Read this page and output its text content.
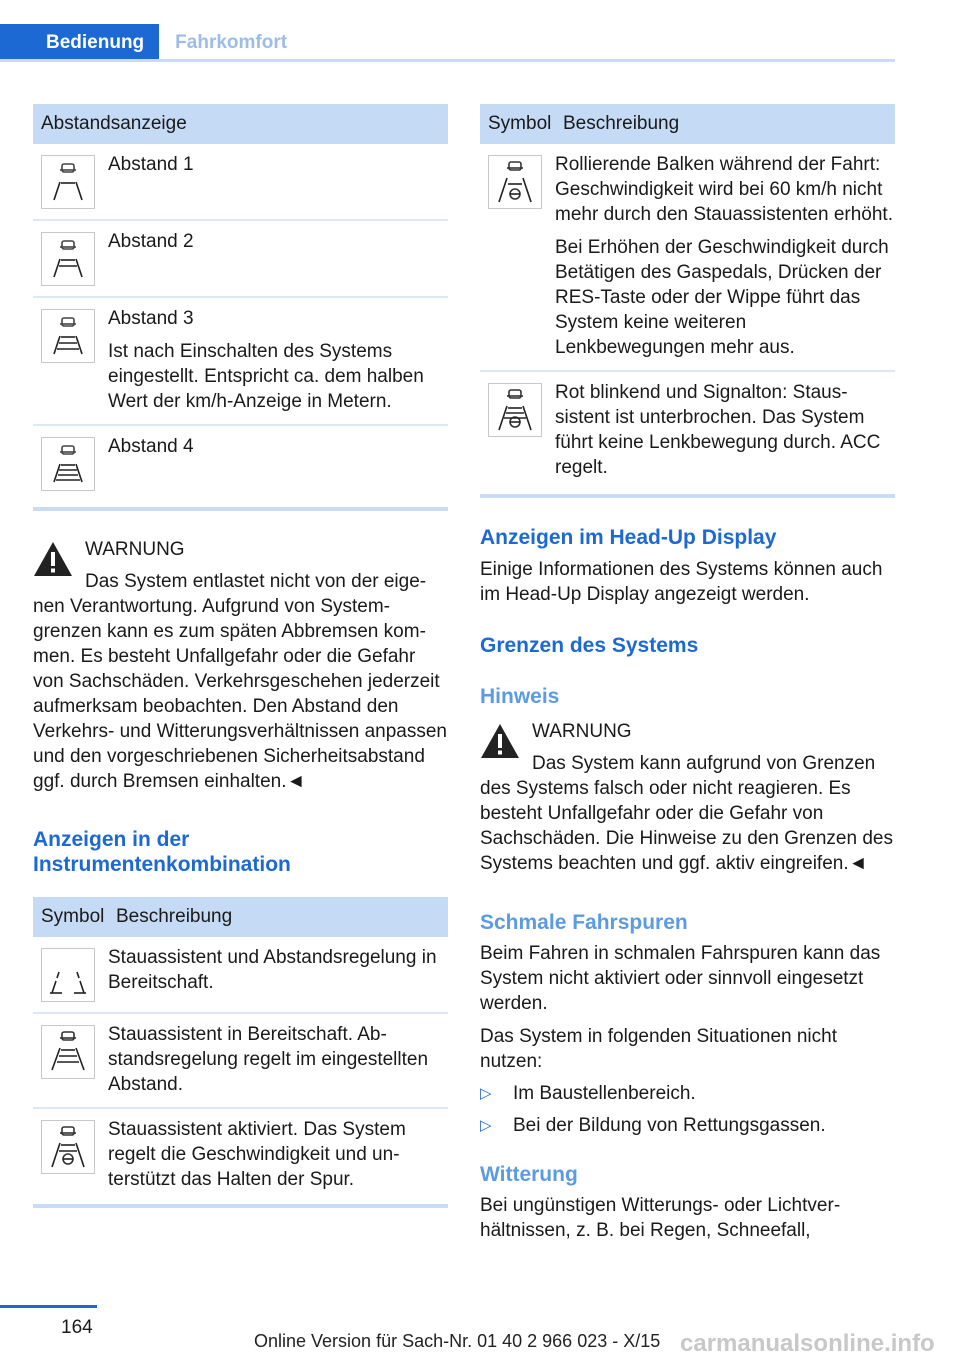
Bedienung	Fahrkomfort
Abstandsanzeige

Abstand 1

Abstand 2

Abstand 3

Ist nach Einschalten des Systems eingestellt. Entspricht ca. dem halben Wert der km/h-Anzeige in Metern.

Abstand 4

WARNUNG

Das System entlastet nicht von der eigenen Verantwortung. Aufgrund von Systemgrenzen kann es zum späten Abbremsen kommen. Es besteht Unfallgefahr oder die Gefahr von Sachschäden. Verkehrsgeschehen jederzeit aufmerksam beobachten. Den Abstand den Verkehrs- und Witterungsverhältnissen anpassen und den vorgeschriebenen Sicherheitsabstand ggf. durch Bremsen einhalten.◄

Anzeigen in der Instrumentenkombination
Symbol Beschreibung

Stauassistent und Abstandsregelung in Bereitschaft.

Stauassistent in Bereitschaft. Abstandsregelung regelt im eingestellten Abstand.

Stauassistent aktiviert. Das System regelt die Geschwindigkeit und unterstützt das Halten der Spur.

Symbol Beschreibung

Rollierende Balken während der Fahrt: Geschwindigkeit wird bei 60 km/h nicht mehr durch den Stauassistenten erhöht.

Bei Erhöhen der Geschwindigkeit durch Betätigen des Gaspedals, Drücken der RES-Taste oder der Wippe führt das System keine weiteren Lenkbewegungen mehr aus.

Rot blinkend und Signalton: Staussistent ist unterbrochen. Das System führt keine Lenkbewegung durch. ACC regelt.

Anzeigen im Head-Up Display

Einige Informationen des Systems können auch im Head-Up Display angezeigt werden.

Grenzen des Systems
Hinweis
WARNUNG

Das System kann aufgrund von Grenzen des Systems falsch oder nicht reagieren. Es besteht Unfallgefahr oder die Gefahr von Sachschäden. Die Hinweise zu den Grenzen des Systems beachten und ggf. aktiv eingreifen.◄

Schmale Fahrspuren

Beim Fahren in schmalen Fahrspuren kann das System nicht aktiviert oder sinnvoll eingesetzt werden.

Das System in folgenden Situationen nicht nutzen:

▷	Im Baustellenbereich.
▷	Bei der Bildung von Rettungsgassen.
Witterung

Bei ungünstigen Witterungs- oder Lichtverhältnissen, z. B. bei Regen, Schneefall,

164
Online Version für Sach-Nr. 01 40 2 966 023 - X/15 carmanualsonline.info
